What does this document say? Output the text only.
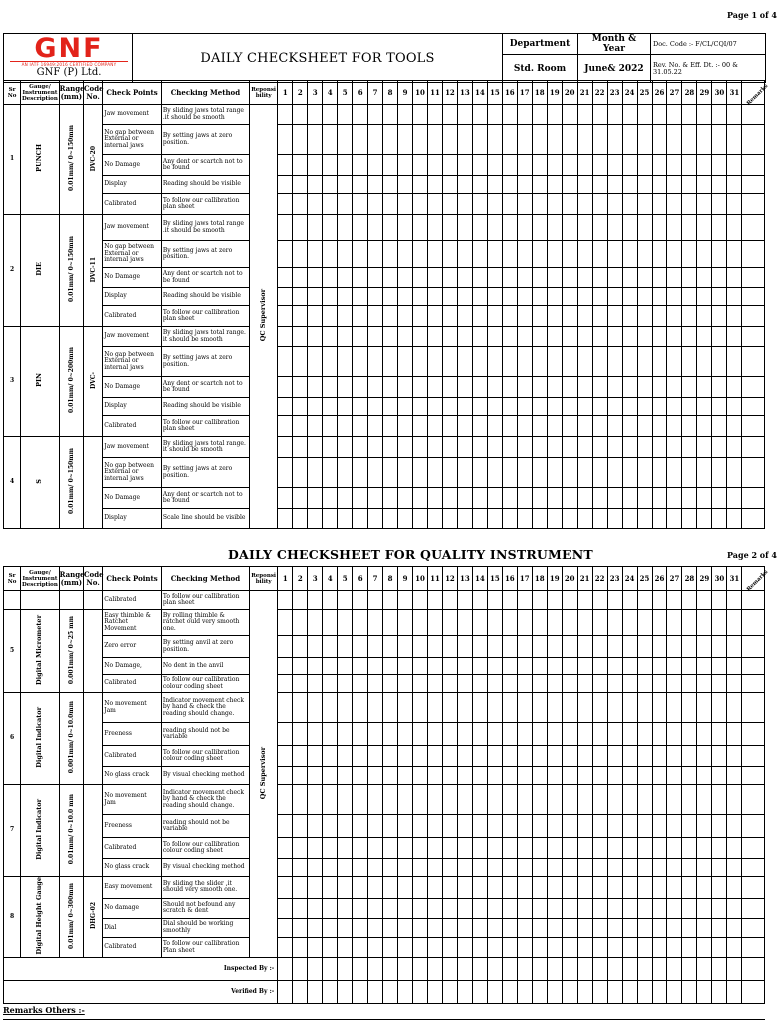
Page 1 of 4
	DAILY CHECKSHEET FOR TOOLS	Department	Month & Year	Doc. Code :- F/CL/CQI/07
		Std. Room	June& 2022	Rev. No. & Eff. Dt. :- 00 & 31.05.22
GNF
AN IATF 16949:2016 CERTIFIED COMPANY
GNF (P) Ltd.
Sr No	Gauge/ Instrument Description	Range (mm)	Code No.	Check Points	Checking Method	Reponsi bility	1	2	3	4	5	6	7	8	9	10	11	12	13	14	15	16	17	18	19	20	21	22	23	24	25	26	27	28	29	30	31	Remarks

1	PUNCH	0.01mm/ 0~150mm	DVC-20	Jaw movement	By sliding jaws total range .it should be smooth	QC Supervisor																																
				No gap between External or internal jaws	By setting jaws at zero position.																																	
				No Damage	Any dent or scartch not to be found																																	
				Display	Reading should be visible																																	
				Calibrated	To follow our callibration plan sheet																																	
2	DIE	0.01mm/ 0~150mm	DVC-11	Jaw movement	By sliding jaws total range .it should be smooth																																	
				No gap between External or internal jaws	By setting jaws at zero position.																																	
				No Damage	Any dent or scartch not to be found																																	
				Display	Reading should be visible																																	
				Calibrated	To follow our callibration plan sheet																																	
3	PIN	0.01mm/ 0~200mm	DVC-	Jaw movement	By sliding jaws total range. it should be smooth																																	
				No gap between External or internal jaws	By setting jaws at zero position.																																	
				No Damage	Any dent or scartch not to be found																																	
				Display	Reading should be visible																																	
				Calibrated	To follow our callibration plan sheet																																	
4	S	0.01mm/ 0~150mm		Jaw movement	By sliding jaws total range. it should be smooth																																	
				No gap between External or internal jaws	By setting jaws at zero position.																																	
				No Damage	Any dent or scartch not to be found																																	
				Display	Scale line should be visible																																	
DAILY CHECKSHEET FOR QUALITY INSTRUMENT	Page 2 of 4
Sr No	Gauge/ Instrument Description	Range (mm)	Code No.	Check Points	Checking Method	Reponsi bility	1	2	3	4	5	6	7	8	9	10	11	12	13	14	15	16	17	18	19	20	21	22	23	24	25	26	27	28	29	30	31	Remarks

				Calibrated	To follow our callibration plan sheet	QC Supervisor																																
5	Digital Micrometer	0.001mm/ 0~25 mm		Easy thimble & Ratchet Movement	By rolling thimble & ratchet ould very smooth one.																																	
				Zero error	By setting anvil at zero position.																																	
				No Damage,	No dent in the anvil																																	
				Calibrated	To follow our callibration colour coding sheet																																	
6	Digital Indicator	0.001mm/ 0~10.0mm		No movement Jam	Indicator movement check by hand & check the reading should change.																																	
				Freeness	reading should not be variable																																	
				Calibrated	To follow our callibration colour coding sheet																																	
				No glass crack	By visual checking method																																	
7	Digital Indicator	0.01mm/ 0~10.0 mm		No movement Jam	Indicator movement check by hand & check the reading should change.																																	
				Freeness	reading should not be variable																																	
				Calibrated	To follow our callibration colour coding sheet																																	
				No glass crack	By visual checking method																																	
8	Digital Height Gauge	0.01mm/ 0~300mm	DHG-02	Easy movement	By sliding the slider ,it should very smooth one.																																	
				No damage	Should not befound any scratch & dent																																	
				Dial	Dial should be working smoothly																																	
				Calibrated	To follow our callibration Plan sheet																																	
Inspected By :-																																						
Verified By :-																																						
Remarks Others :-
